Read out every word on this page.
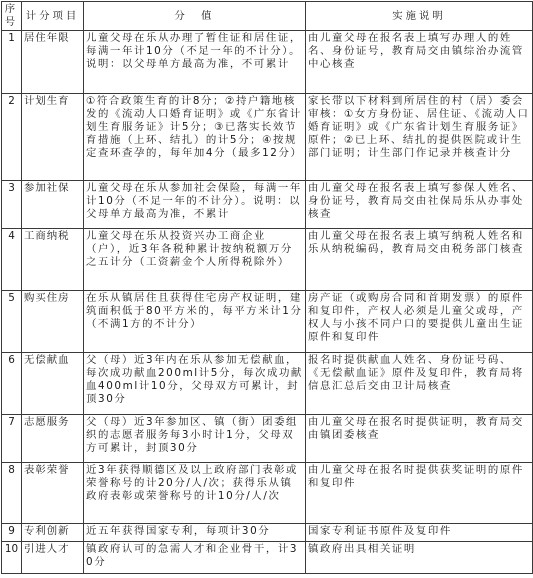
序号	计分项目	分　值	实施说明
1	居住年限	儿童父母在乐从办理了暂住证和居住证，每满一年计10分（不足一年的不计分）。说明：以父母单方最高为准，不可累计	由儿童父母在报名表上填写办理人的姓名、身份证号，教育局交由镇综治办流管中心核查
2	计划生育	①符合政策生育的计8分；②持户籍地核发的《流动人口婚育证明》或《广东省计划生育服务证》计5分；③已落实长效节育措施（上环、结扎）的计5分；④按规定查环查孕的，每年加4分（最多12分）	家长带以下材料到所居住的村（居）委会审核：①女方身份证、居住证、《流动人口婚育证明》或《广东省计划生育服务证》原件；②已上环、结扎的提供医院或计生部门证明；计生部门作记录并核查计分
3	参加社保	儿童父母在乐从参加社会保险，每满一年计10分（不足一年的不计分）。说明：以父母单方最高为准，不累计	由儿童父母在报名表上填写参保人姓名、身份证号，教育局交由社保局乐从办事处核查
4	工商纳税	儿童父母在乐从投资兴办工商企业（户），近3年各税种累计按纳税额万分之五计分（工资薪金个人所得税除外）	由儿童父母在报名表上填写纳税人姓名和乐从纳税编码，教育局交由税务部门核查
5	购买住房	在乐从镇居住且获得住宅房产权证明，建筑面积低于80平方米的，每平方米计1分（不满1方的不计分）	房产证（或购房合同和首期发票）的原件和复印件，产权人必须是儿童父或母，产权人与小孩不同户口的要提供儿童出生证原件和复印件
6	无偿献血	父（母）近3年内在乐从参加无偿献血，每次成功献血200ml计5分，每次成功献血400ml计10分，父母双方可累计，封顶30分	报名时提供献血人姓名、身份证号码、《无偿献血证》原件及复印件，教育局将信息汇总后交由卫计局核查
7	志愿服务	父（母）近3年参加区、镇（街）团委组织的志愿者服务每3小时计1分，父母双方可累计，封顶30分	由儿童父母在报名时提供证明，教育局交由镇团委核查
8	表彰荣誉	近3年获得顺德区及以上政府部门表彰或荣誉称号的计20分/人/次；获得乐从镇政府表彰或荣誉称号的计10分/人/次	由儿童父母在报名时提供获奖证明的原件和复印件
9	专利创新	近五年获得国家专利，每项计30分	国家专利证书原件及复印件
10	引进人才	镇政府认可的急需人才和企业骨干，计30分	镇政府出具相关证明
